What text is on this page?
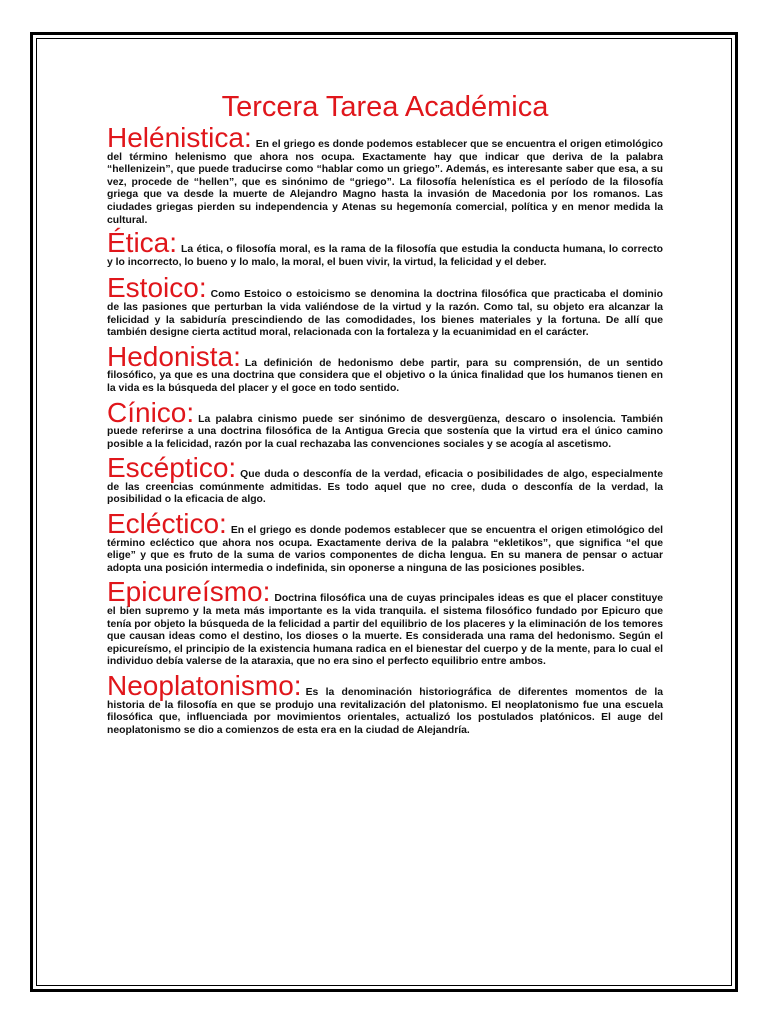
Tercera Tarea Académica

Helénistica: En el griego es donde podemos establecer que se encuentra el origen etimológico del término helenismo que ahora nos ocupa. Exactamente hay que indicar que deriva de la palabra “hellenizein”, que puede traducirse como “hablar como un griego”. Además, es interesante saber que esa, a su vez, procede de “hellen”, que es sinónimo de “griego”. La filosofía helenística es el período de la filosofía griega que va desde la muerte de Alejandro Magno hasta la invasión de Macedonia por los romanos. Las ciudades griegas pierden su independencia y Atenas su hegemonía comercial, política y en menor medida la cultural.

Ética: La ética, o filosofía moral, es la rama de la filosofía que estudia la conducta humana, lo correcto y lo incorrecto, lo bueno y lo malo, la moral, el buen vivir, la virtud, la felicidad y el deber.

Estoico: Como Estoico o estoicismo se denomina la doctrina filosófica que practicaba el dominio de las pasiones que perturban la vida valiéndose de la virtud y la razón. Como tal, su objeto era alcanzar la felicidad y la sabiduría prescindiendo de las comodidades, los bienes materiales y la fortuna. De allí que también designe cierta actitud moral, relacionada con la fortaleza y la ecuanimidad en el carácter.

Hedonista: La definición de hedonismo debe partir, para su comprensión, de un sentido filosófico, ya que es una doctrina que considera que el objetivo o la única finalidad que los humanos tienen en la vida es la búsqueda del placer y el goce en todo sentido.

Cínico: La palabra cinismo puede ser sinónimo de desvergüenza, descaro o insolencia. También puede referirse a una doctrina filosófica de la Antigua Grecia que sostenía que la virtud era el único camino posible a la felicidad, razón por la cual rechazaba las convenciones sociales y se acogía al ascetismo.

Escéptico: Que duda o desconfía de la verdad, eficacia o posibilidades de algo, especialmente de las creencias comúnmente admitidas. Es todo aquel que no cree, duda o desconfía de la verdad, la posibilidad o la eficacia de algo.

Ecléctico: En el griego es donde podemos establecer que se encuentra el origen etimológico del término ecléctico que ahora nos ocupa. Exactamente deriva de la palabra “ekletikos”, que significa “el que elige” y que es fruto de la suma de varios componentes de dicha lengua. En su manera de pensar o actuar adopta una posición intermedia o indefinida, sin oponerse a ninguna de las posiciones posibles.

Epicureísmo: Doctrina filosófica una de cuyas principales ideas es que el placer constituye el bien supremo y la meta más importante es la vida tranquila. el sistema filosófico fundado por Epicuro que tenía por objeto la búsqueda de la felicidad a partir del equilibrio de los placeres y la eliminación de los temores que causan ideas como el destino, los dioses o la muerte. Es considerada una rama del hedonismo. Según el epicureísmo, el principio de la existencia humana radica en el bienestar del cuerpo y de la mente, para lo cual el individuo debía valerse de la ataraxia, que no era sino el perfecto equilibrio entre ambos.

Neoplatonismo: Es la denominación historiográfica de diferentes momentos de la historia de la filosofía en que se produjo una revitalización del platonismo. El neoplatonismo fue una escuela filosófica que, influenciada por movimientos orientales, actualizó los postulados platónicos. El auge del neoplatonismo se dio a comienzos de esta era en la ciudad de Alejandría.
